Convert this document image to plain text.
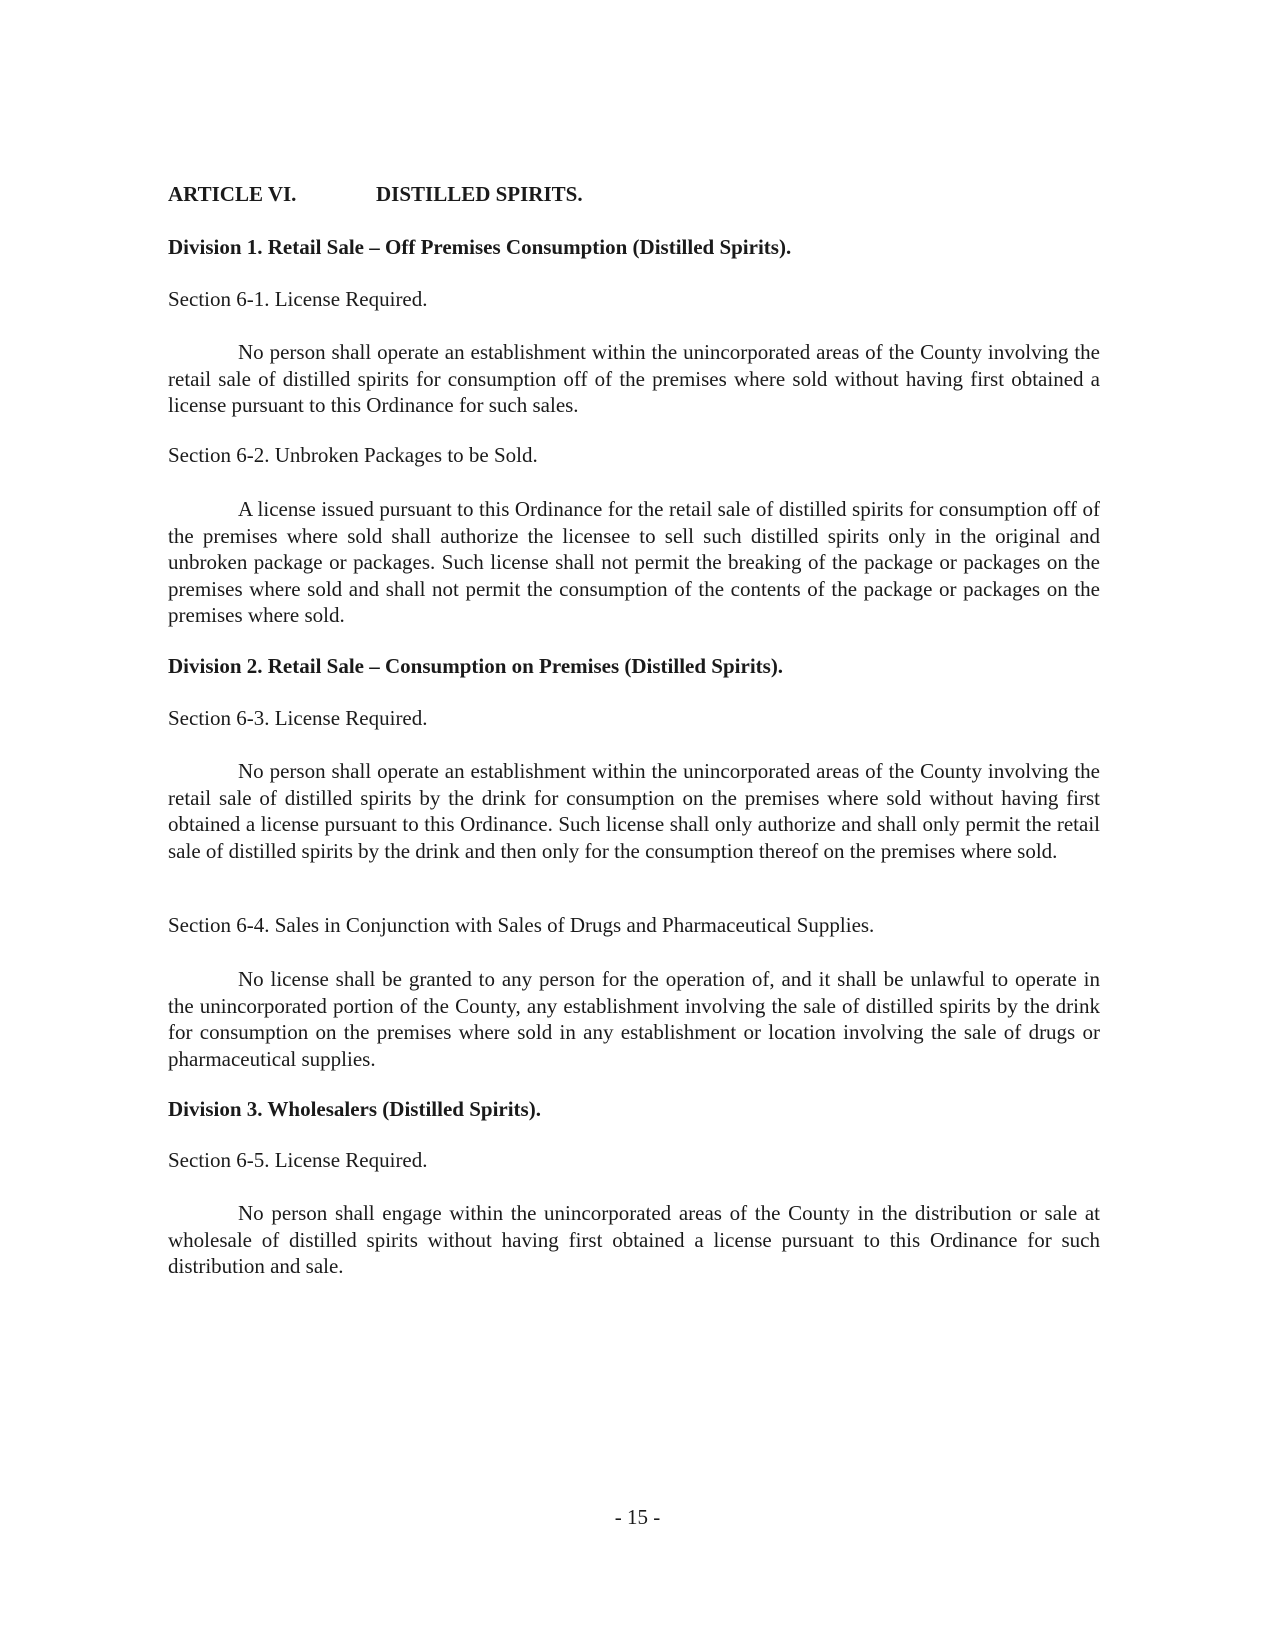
ARTICLE VI.	DISTILLED SPIRITS.
Division 1. Retail Sale – Off Premises Consumption (Distilled Spirits).
Section 6-1. License Required.
No person shall operate an establishment within the unincorporated areas of the County involving the retail sale of distilled spirits for consumption off of the premises where sold without having first obtained a license pursuant to this Ordinance for such sales.
Section 6-2. Unbroken Packages to be Sold.
A license issued pursuant to this Ordinance for the retail sale of distilled spirits for consumption off of the premises where sold shall authorize the licensee to sell such distilled spirits only in the original and unbroken package or packages. Such license shall not permit the breaking of the package or packages on the premises where sold and shall not permit the consumption of the contents of the package or packages on the premises where sold.
Division 2. Retail Sale – Consumption on Premises (Distilled Spirits).
Section 6-3. License Required.
No person shall operate an establishment within the unincorporated areas of the County involving the retail sale of distilled spirits by the drink for consumption on the premises where sold without having first obtained a license pursuant to this Ordinance. Such license shall only authorize and shall only permit the retail sale of distilled spirits by the drink and then only for the consumption thereof on the premises where sold.
Section 6-4. Sales in Conjunction with Sales of Drugs and Pharmaceutical Supplies.
No license shall be granted to any person for the operation of, and it shall be unlawful to operate in the unincorporated portion of the County, any establishment involving the sale of distilled spirits by the drink for consumption on the premises where sold in any establishment or location involving the sale of drugs or pharmaceutical supplies.
Division 3. Wholesalers (Distilled Spirits).
Section 6-5. License Required.
No person shall engage within the unincorporated areas of the County in the distribution or sale at wholesale of distilled spirits without having first obtained a license pursuant to this Ordinance for such distribution and sale.
- 15 -
